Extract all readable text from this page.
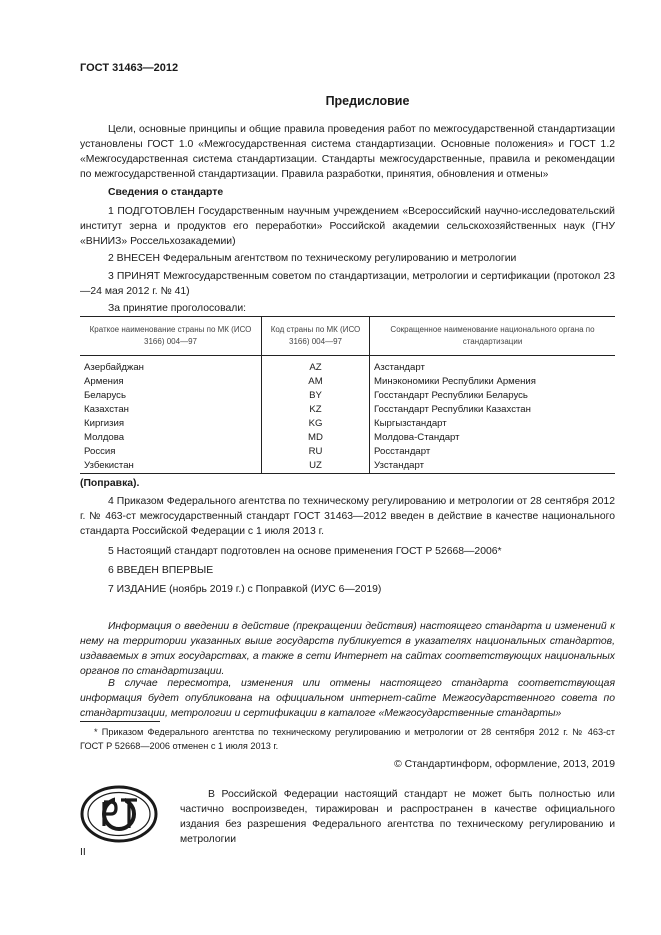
ГОСТ 31463—2012
Предисловие

Цели, основные принципы и общие правила проведения работ по межгосударственной стандартизации установлены ГОСТ 1.0 «Межгосударственная система стандартизации. Основные положения» и ГОСТ 1.2 «Межгосударственная система стандартизации. Стандарты межгосударственные, правила и рекомендации по межгосударственной стандартизации. Правила разработки, принятия, обновления и отмены»

Сведения о стандарте

1 ПОДГОТОВЛЕН Государственным научным учреждением «Всероссийский научно-исследовательский институт зерна и продуктов его переработки» Российской академии сельскохозяйственных наук (ГНУ «ВНИИЗ» Россельхозакадемии)

2 ВНЕСЕН Федеральным агентством по техническому регулированию и метрологии

3 ПРИНЯТ Межгосударственным советом по стандартизации, метрологии и сертификации (протокол 23—24 мая 2012 г. № 41)

За принятие проголосовали:

Краткое наименование страны по МК (ИСО 3166) 004—97	Код страны по МК (ИСО 3166) 004—97	Сокращенное наименование национального органа по стандартизации
Азербайджан	AZ	Азстандарт
Армения	AM	Минэкономики Республики Армения
Беларусь	BY	Госстандарт Республики Беларусь
Казахстан	KZ	Госстандарт Республики Казахстан
Киргизия	KG	Кыргызстандарт
Молдова	MD	Молдова-Стандарт
Россия	RU	Росстандарт
Узбекистан	UZ	Узстандарт

(Поправка).

4 Приказом Федерального агентства по техническому регулированию и метрологии от 28 сентября 2012 г. № 463-ст межгосударственный стандарт ГОСТ 31463—2012 введен в действие в качестве национального стандарта Российской Федерации с 1 июля 2013 г.

5 Настоящий стандарт подготовлен на основе применения ГОСТ Р 52668—2006*

6 ВВЕДЕН ВПЕРВЫЕ

7 ИЗДАНИЕ (ноябрь 2019 г.) с Поправкой (ИУС 6—2019)

Информация о введении в действие (прекращении действия) настоящего стандарта и изменений к нему на территории указанных выше государств публикуется в указателях национальных стандартов, издаваемых в этих государствах, а также в сети Интернет на сайтах соответствующих национальных органов по стандартизации.

В случае пересмотра, изменения или отмены настоящего стандарта соответствующая информация будет опубликована на официальном интернет-сайте Межгосударственного совета по стандартизации, метрологии и сертификации в каталоге «Межгосударственные стандарты»

* Приказом Федерального агентства по техническому регулированию и метрологии от 28 сентября 2012 г. № 463-ст ГОСТ Р 52668—2006 отменен с 1 июля 2013 г.

© Стандартинформ, оформление, 2013, 2019

В Российской Федерации настоящий стандарт не может быть полностью или частично воспроизведен, тиражирован и распространен в качестве официального издания без разрешения Федерального агентства по техническому регулированию и метрологии

II
